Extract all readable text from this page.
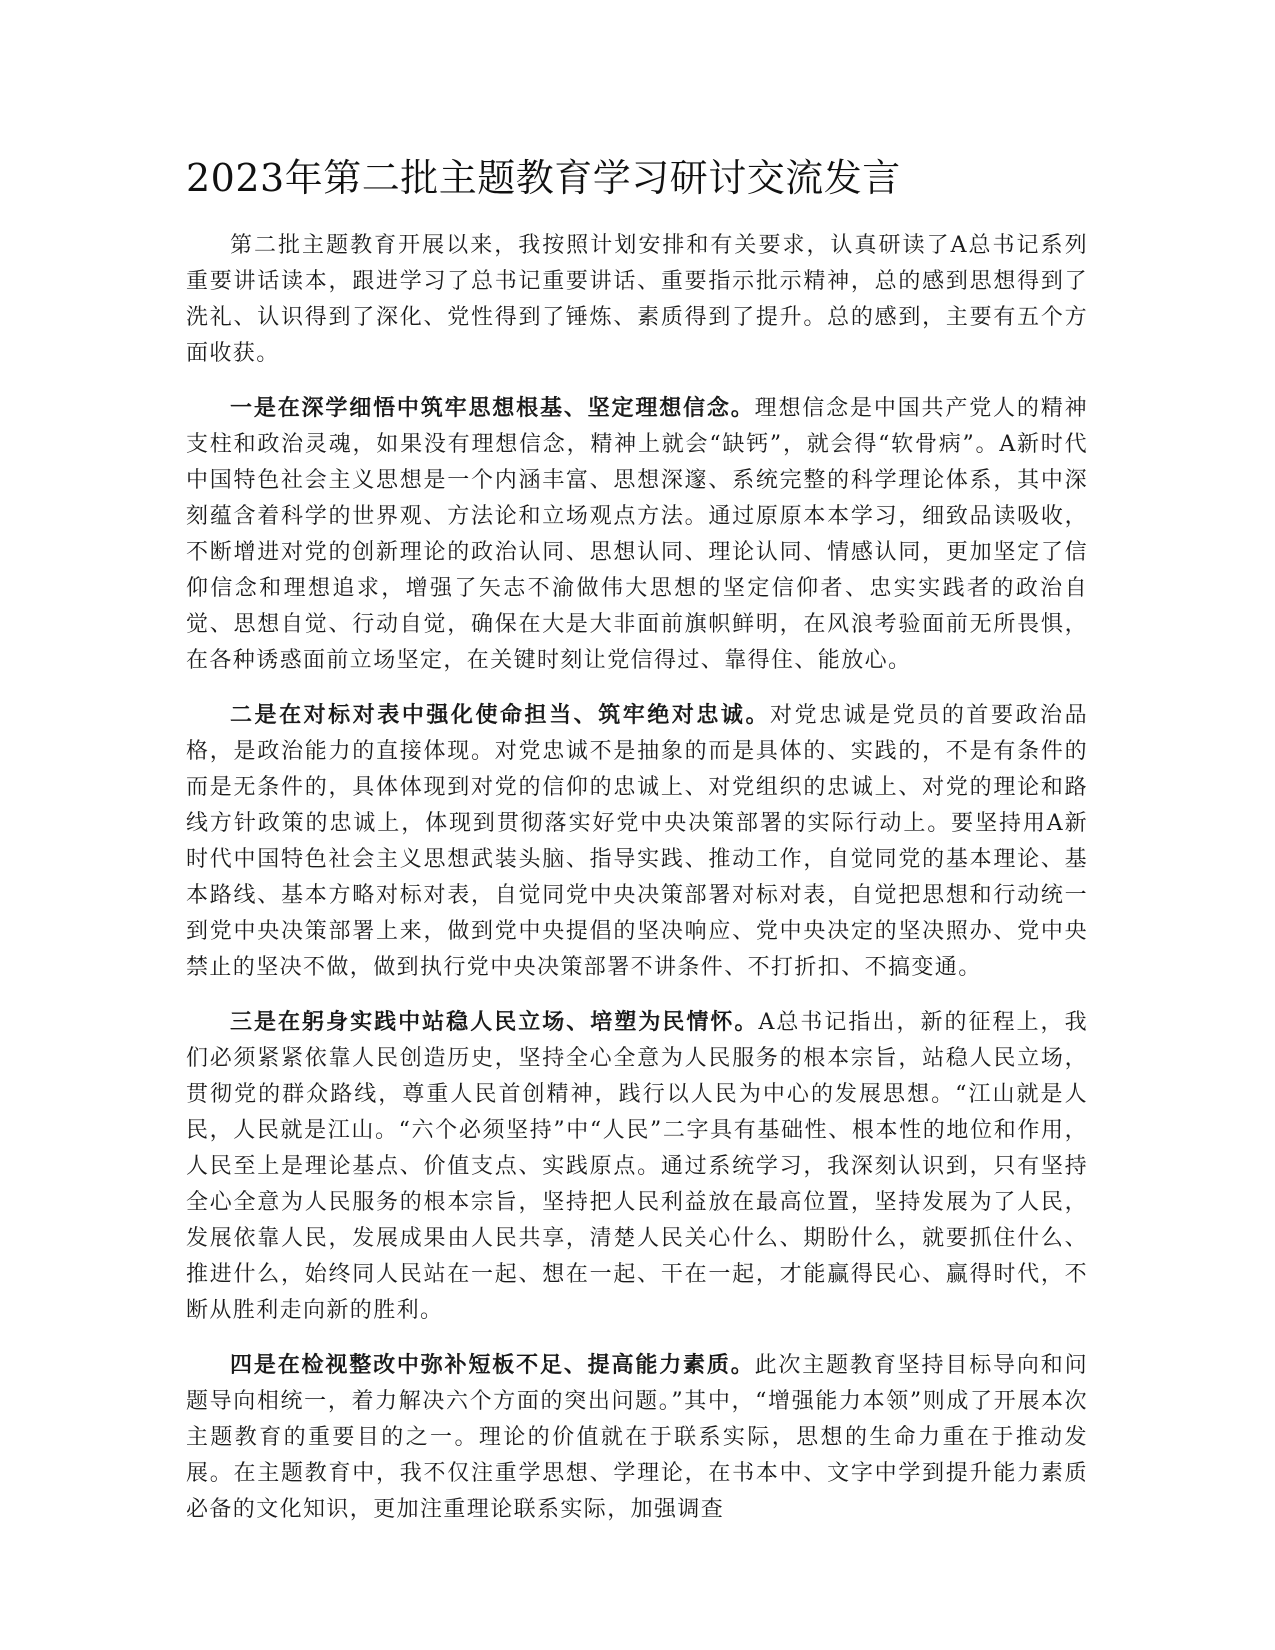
2023年第二批主题教育学习研讨交流发言

第二批主题教育开展以来，我按照计划安排和有关要求，认真研读了A总书记系列重要讲话读本，跟进学习了总书记重要讲话、重要指示批示精神，总的感到思想得到了洗礼、认识得到了深化、党性得到了锤炼、素质得到了提升。总的感到，主要有五个方面收获。

一是在深学细悟中筑牢思想根基、坚定理想信念。理想信念是中国共产党人的精神支柱和政治灵魂，如果没有理想信念，精神上就会“缺钙”，就会得“软骨病”。A新时代中国特色社会主义思想是一个内涵丰富、思想深邃、系统完整的科学理论体系，其中深刻蕴含着科学的世界观、方法论和立场观点方法。通过原原本本学习，细致品读吸收，不断增进对党的创新理论的政治认同、思想认同、理论认同、情感认同，更加坚定了信仰信念和理想追求，增强了矢志不渝做伟大思想的坚定信仰者、忠实实践者的政治自觉、思想自觉、行动自觉，确保在大是大非面前旗帜鲜明，在风浪考验面前无所畏惧，在各种诱惑面前立场坚定，在关键时刻让党信得过、靠得住、能放心。

二是在对标对表中强化使命担当、筑牢绝对忠诚。对党忠诚是党员的首要政治品格，是政治能力的直接体现。对党忠诚不是抽象的而是具体的、实践的，不是有条件的而是无条件的，具体体现到对党的信仰的忠诚上、对党组织的忠诚上、对党的理论和路线方针政策的忠诚上，体现到贯彻落实好党中央决策部署的实际行动上。要坚持用A新时代中国特色社会主义思想武装头脑、指导实践、推动工作，自觉同党的基本理论、基本路线、基本方略对标对表，自觉同党中央决策部署对标对表，自觉把思想和行动统一到党中央决策部署上来，做到党中央提倡的坚决响应、党中央决定的坚决照办、党中央禁止的坚决不做，做到执行党中央决策部署不讲条件、不打折扣、不搞变通。

三是在躬身实践中站稳人民立场、培塑为民情怀。A总书记指出，新的征程上，我们必须紧紧依靠人民创造历史，坚持全心全意为人民服务的根本宗旨，站稳人民立场，贯彻党的群众路线，尊重人民首创精神，践行以人民为中心的发展思想。“江山就是人民，人民就是江山。“六个必须坚持”中“人民”二字具有基础性、根本性的地位和作用，人民至上是理论基点、价值支点、实践原点。通过系统学习，我深刻认识到，只有坚持全心全意为人民服务的根本宗旨，坚持把人民利益放在最高位置，坚持发展为了人民，发展依靠人民，发展成果由人民共享，清楚人民关心什么、期盼什么，就要抓住什么、推进什么，始终同人民站在一起、想在一起、干在一起，才能赢得民心、赢得时代，不断从胜利走向新的胜利。

四是在检视整改中弥补短板不足、提高能力素质。此次主题教育坚持目标导向和问题导向相统一，着力解决六个方面的突出问题。”其中，“增强能力本领”则成了开展本次主题教育的重要目的之一。理论的价值就在于联系实际，思想的生命力重在于推动发展。在主题教育中，我不仅注重学思想、学理论，在书本中、文字中学到提升能力素质必备的文化知识，更加注重理论联系实际，加强调查
